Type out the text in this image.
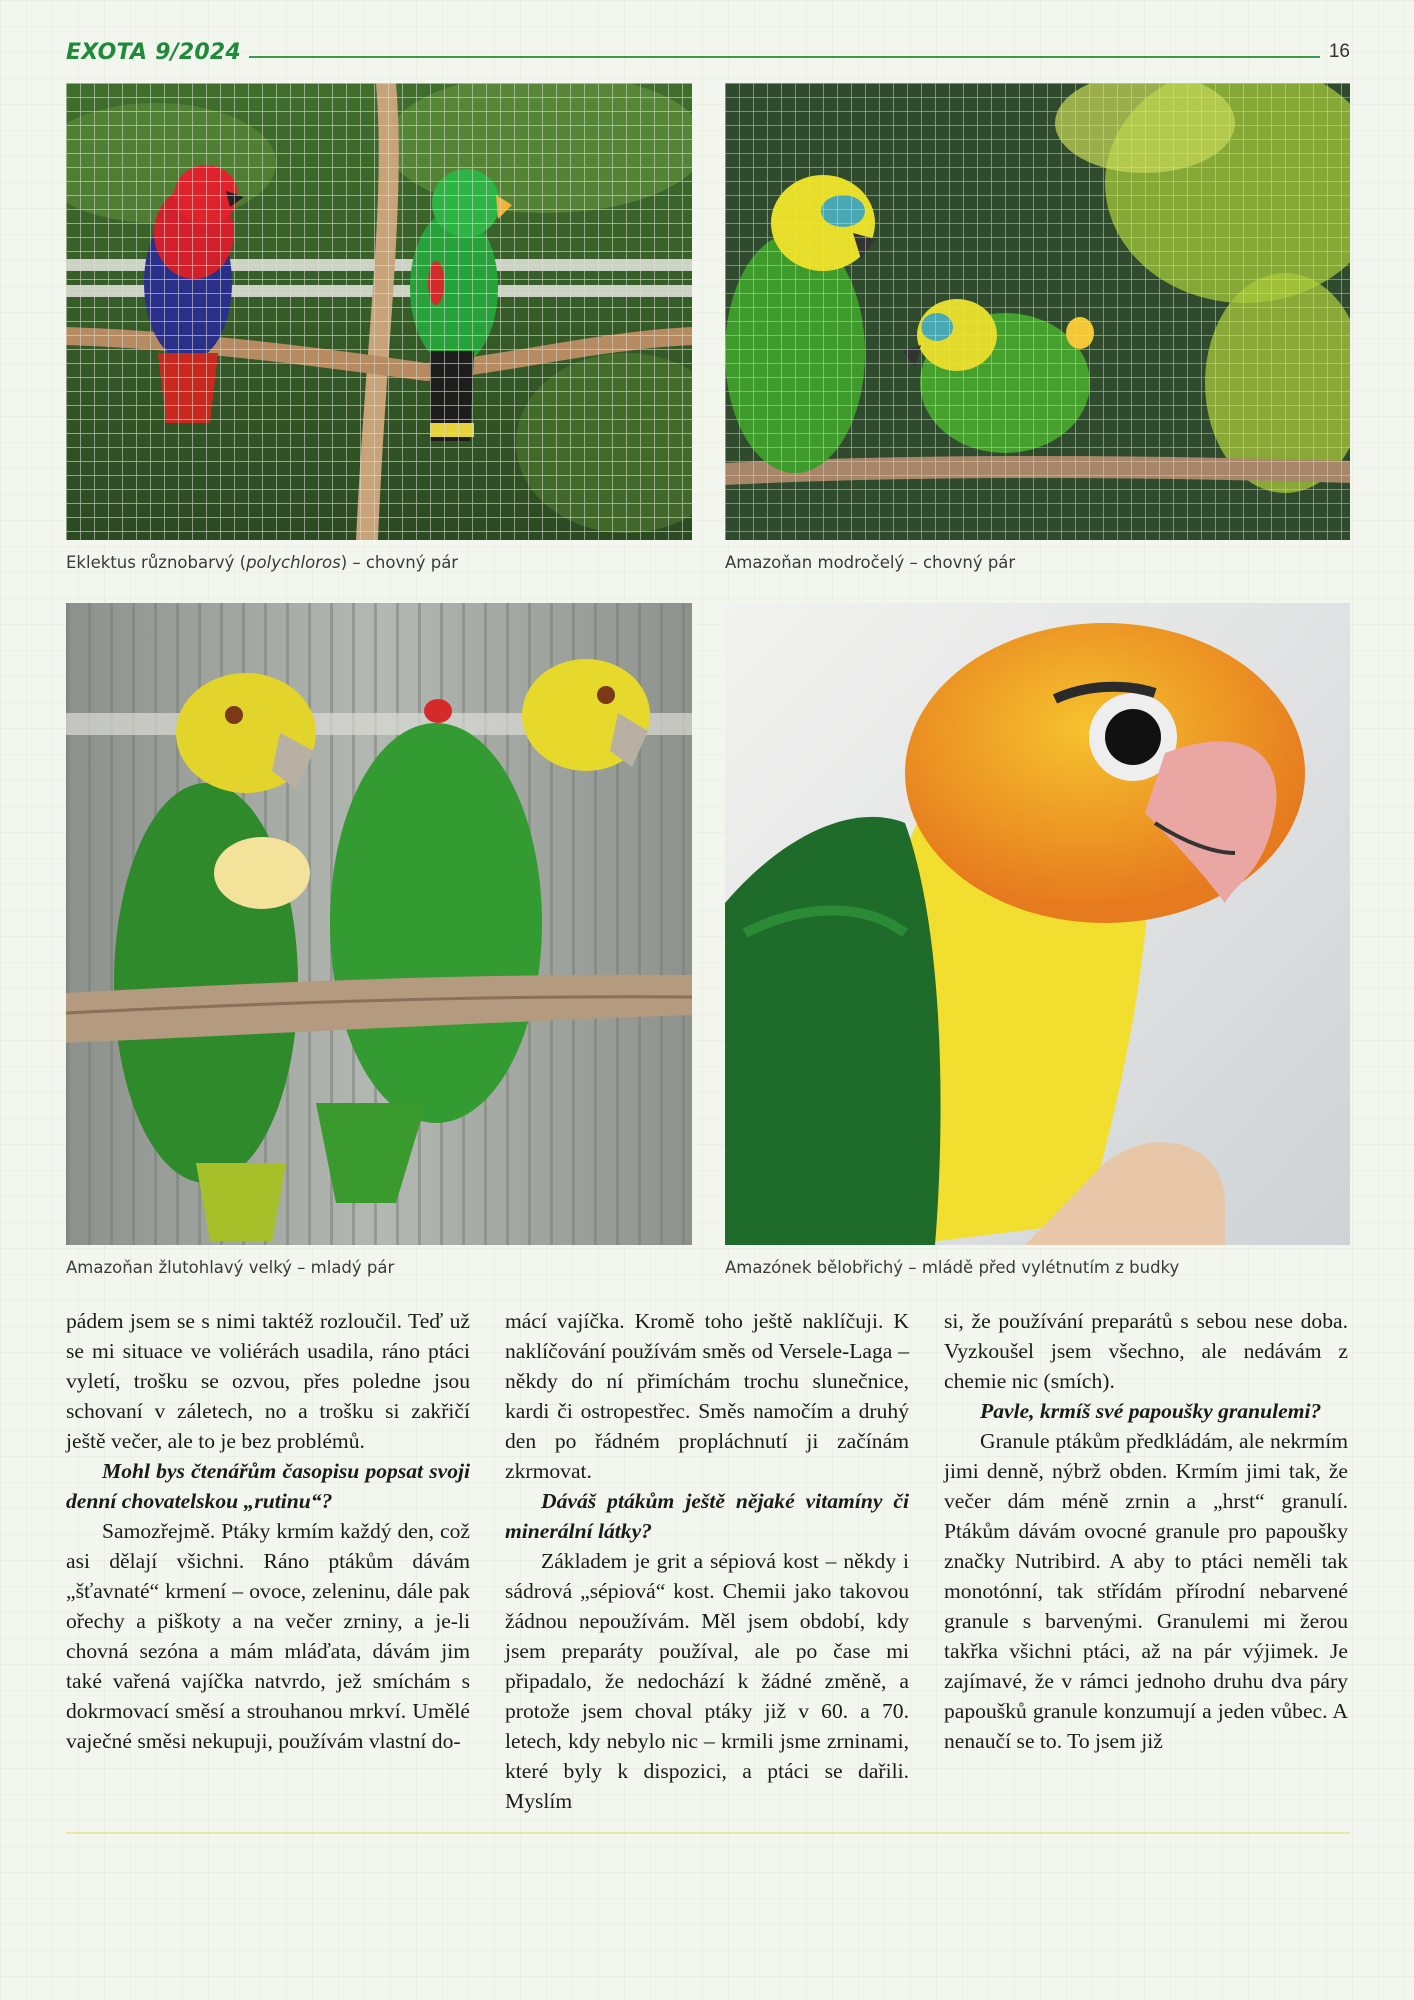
EXOTA 9/2024	16
Eklektus různobarvý (polychloros) – chovný pár	Amazoňan modročelý – chovný pár
Amazoňan žlutohlavý velký – mladý pár	Amazónek bělobřichý – mládě před vylétnutím z budky

pádem jsem se s nimi taktéž rozloučil. Teď už se mi situace ve voliérách usadila, ráno ptáci vyletí, trošku se ozvou, přes poledne jsou schovaní v záletech, no a trošku si zakřičí ještě večer, ale to je bez problémů.

Mohl bys čtenářům časopisu popsat svoji denní chovatelskou „rutinu“?

Samozřejmě. Ptáky krmím každý den, což asi dělají všichni. Ráno ptákům dávám „šťavnaté“ krmení – ovoce, zeleninu, dále pak ořechy a piškoty a na večer zrniny, a je-li chovná sezóna a mám mláďata, dávám jim také vařená vajíčka natvrdo, jež smíchám s dokrmovací směsí a strouhanou mrkví. Umělé vaječné směsi nekupuji, používám vlastní do-

mácí vajíčka. Kromě toho ještě naklíčuji. K naklíčování používám směs od Versele-Laga – někdy do ní přimíchám trochu slunečnice, kardi či ostropestřec. Směs namočím a druhý den po řádném propláchnutí ji začínám zkrmovat.

Dáváš ptákům ještě nějaké vitamíny či minerální látky?

Základem je grit a sépiová kost – někdy i sádrová „sépiová“ kost. Chemii jako takovou žádnou nepoužívám. Měl jsem období, kdy jsem preparáty používal, ale po čase mi připadalo, že nedochází k žádné změně, a protože jsem choval ptáky již v 60. a 70. letech, kdy nebylo nic – krmili jsme zrninami, které byly k dispozici, a ptáci se dařili. Myslím

si, že používání preparátů s sebou nese doba. Vyzkoušel jsem všechno, ale nedávám z chemie nic (smích).

Pavle, krmíš své papoušky granulemi?

Granule ptákům předkládám, ale nekrmím jimi denně, nýbrž obden. Krmím jimi tak, že večer dám méně zrnin a „hrst“ granulí. Ptákům dávám ovocné granule pro papoušky značky Nutribird. A aby to ptáci neměli tak monotónní, tak střídám přírodní nebarvené granule s barvenými. Granulemi mi žerou takřka všichni ptáci, až na pár výjimek. Je zajímavé, že v rámci jednoho druhu dva páry papoušků granule konzumují a jeden vůbec. A nenaučí se to. To jsem již
